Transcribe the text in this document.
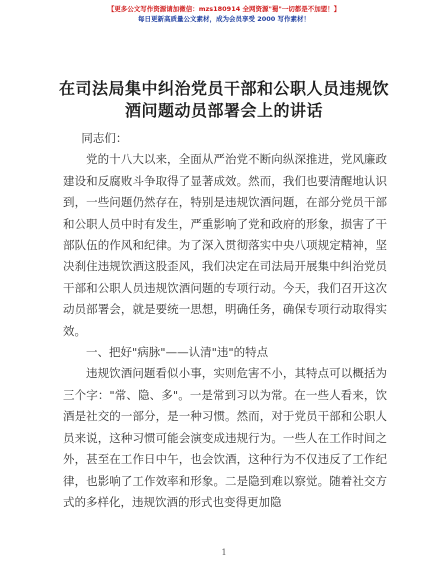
【更多公文写作资源请加微信：mzs180914 全网资源"蜀"一切都是不加盟！】
每日更新高质量公文素材，成为会员享受 2000 写作素材！
在司法局集中纠治党员干部和公职人员违规饮酒问题动员部署会上的讲话

同志们：

党的十八大以来，全面从严治党不断向纵深推进，党风廉政建设和反腐败斗争取得了显著成效。然而，我们也要清醒地认识到，一些问题仍然存在，特别是违规饮酒问题，在部分党员干部和公职人员中时有发生，严重影响了党和政府的形象，损害了干部队伍的作风和纪律。为了深入贯彻落实中央八项规定精神，坚决刹住违规饮酒这股歪风，我们决定在司法局开展集中纠治党员干部和公职人员违规饮酒问题的专项行动。今天，我们召开这次动员部署会，就是要统一思想，明确任务，确保专项行动取得实效。

一、把好"病脉"——认清"违"的特点

违规饮酒问题看似小事，实则危害不小，其特点可以概括为三个字："常、隐、多"。一是常到习以为常。在一些人看来，饮酒是社交的一部分，是一种习惯。然而，对于党员干部和公职人员来说，这种习惯可能会演变成违规行为。一些人在工作时间之外，甚至在工作日中午，也会饮酒，这种行为不仅违反了工作纪律，也影响了工作效率和形象。二是隐到难以察觉。随着社交方式的多样化，违规饮酒的形式也变得更加隐

1
